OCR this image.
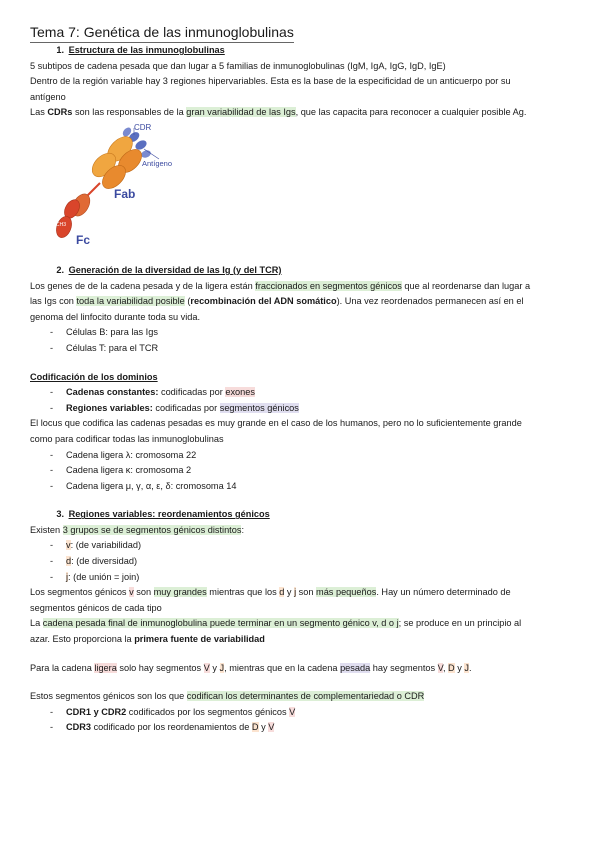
Tema 7: Genética de las inmunoglobulinas
1. Estructura de las inmunoglobulinas
5 subtipos de cadena pesada que dan lugar a 5 familias de inmunoglobulinas (IgM, IgA, IgG, IgD, IgE)
Dentro de la región variable hay 3 regiones hipervariables. Esta es la base de la especificidad de un anticuerpo por su
antígeno
Las CDRs son las responsables de la gran variabilidad de las Igs, que las capacita para reconocer a cualquier posible Ag.
CDR
Antígeno
Fab
Fc
CH3
2. Generación de la diversidad de las Ig (y del TCR)
Los genes de de la cadena pesada y de la ligera están fraccionados en segmentos génicos que al reordenarse dan lugar a
las Igs con toda la variabilidad posible (recombinación del ADN somático). Una vez reordenados permanecen así en el
genoma del linfocito durante toda su vida.
- Células B: para las Igs
- Células T: para el TCR
Codificación de los dominios
- Cadenas constantes: codificadas por exones
- Regiones variables: codificadas por segmentos génicos
El locus que codifica las cadenas pesadas es muy grande en el caso de los humanos, pero no lo suficientemente grande
como para codificar todas las inmunoglobulinas
- Cadena ligera λ: cromosoma 22
- Cadena ligera κ: cromosoma 2
- Cadena ligera μ, γ, α, ε, δ: cromosoma 14
3. Regiones variables: reordenamientos génicos
Existen 3 grupos se de segmentos génicos distintos:
- v: (de variabilidad)
- d: (de diversidad)
- j: (de unión = join)
Los segmentos génicos v son muy grandes mientras que los d y j son más pequeños. Hay un número determinado de
segmentos génicos de cada tipo
La cadena pesada final de inmunoglobulina puede terminar en un segmento génico v, d o j; se produce en un principio al
azar. Esto proporciona la primera fuente de variabilidad
Para la cadena ligera solo hay segmentos V y J, mientras que en la cadena pesada hay segmentos V, D y J.
Estos segmentos génicos son los que codifican los determinantes de complementariedad o CDR
- CDR1 y CDR2 codificados por los segmentos génicos V
- CDR3 codificado por los reordenamientos de D y V
